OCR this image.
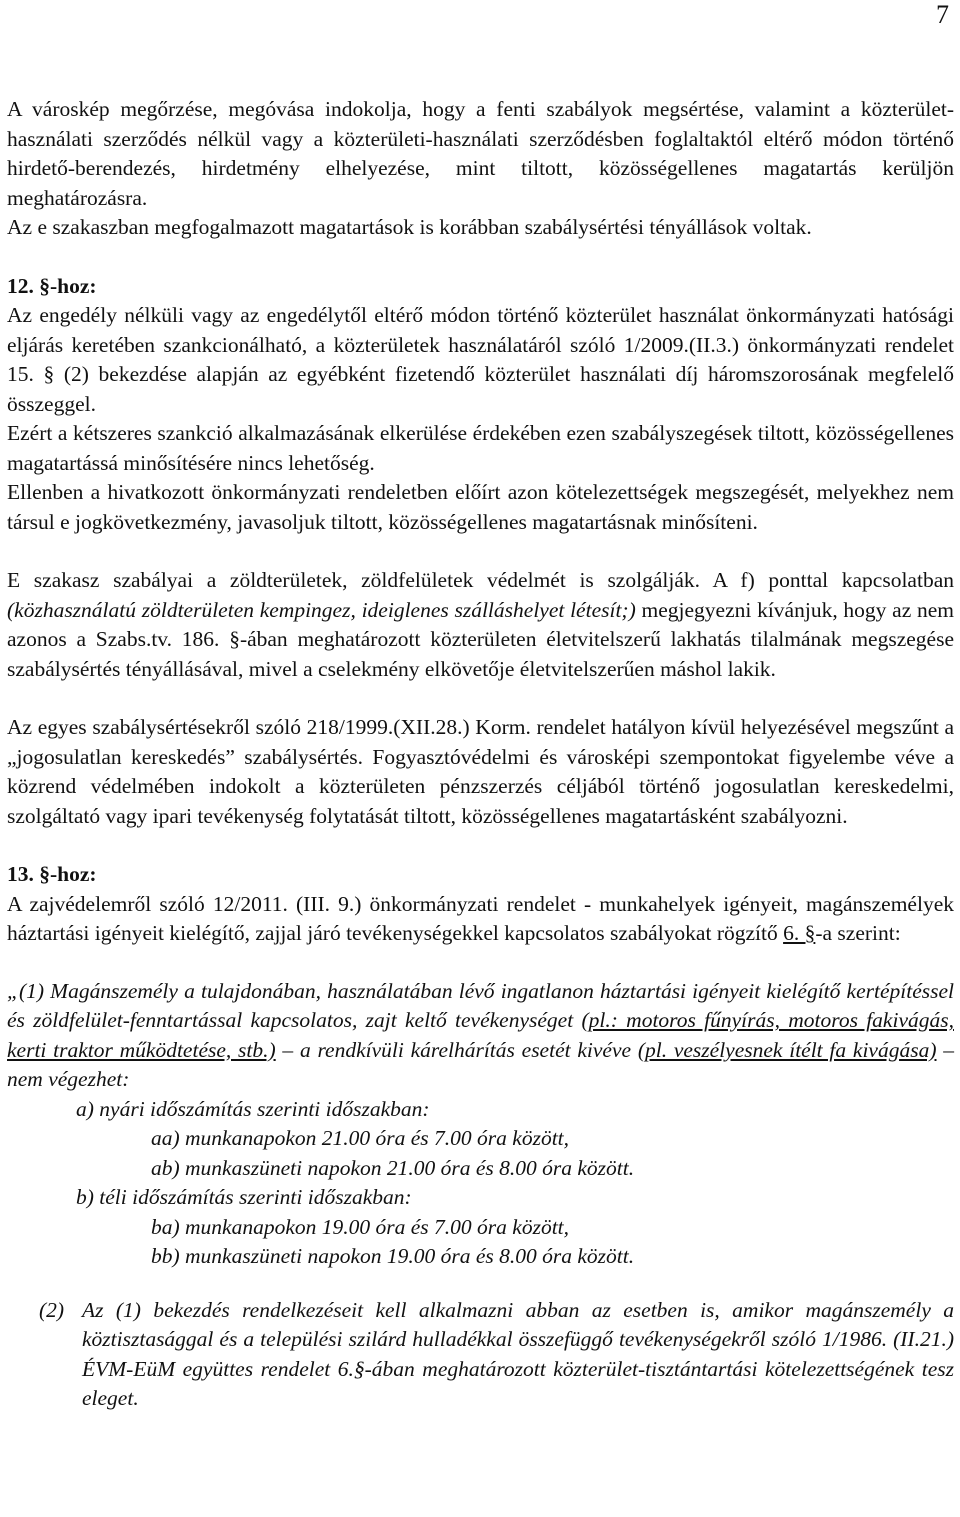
7

A városkép megőrzése, megóvása indokolja, hogy a fenti szabályok megsértése, valamint a közterület-használati szerződés nélkül vagy a közterületi-használati szerződésben foglaltaktól eltérő módon történő hirdető-berendezés, hirdetmény elhelyezése, mint tiltott, közösségellenes magatartás kerüljön meghatározásra.

Az e szakaszban megfogalmazott magatartások is korábban szabálysértési tényállások voltak.

12. §-hoz:

Az engedély nélküli vagy az engedélytől eltérő módon történő közterület használat önkormányzati hatósági eljárás keretében szankcionálható, a közterületek használatáról szóló 1/2009.(II.3.) önkormányzati rendelet 15. § (2) bekezdése alapján az egyébként fizetendő közterület használati díj háromszorosának megfelelő összeggel.

Ezért a kétszeres szankció alkalmazásának elkerülése érdekében ezen szabályszegések tiltott, közösségellenes magatartássá minősítésére nincs lehetőség.

Ellenben a hivatkozott önkormányzati rendeletben előírt azon kötelezettségek megszegését, melyekhez nem társul e jogkövetkezmény, javasoljuk tiltott, közösségellenes magatartásnak minősíteni.

E szakasz szabályai a zöldterületek, zöldfelületek védelmét is szolgálják. A f) ponttal kapcsolatban (közhasználatú zöldterületen kempingez, ideiglenes szálláshelyet létesít;) megjegyezni kívánjuk, hogy az nem azonos a Szabs.tv. 186. §-ában meghatározott közterületen életvitelszerű lakhatás tilalmának megszegése szabálysértés tényállásával, mivel a cselekmény elkövetője életvitelszerűen máshol lakik.

Az egyes szabálysértésekről szóló 218/1999.(XII.28.) Korm. rendelet hatályon kívül helyezésével megszűnt a „jogosulatlan kereskedés” szabálysértés. Fogyasztóvédelmi és városképi szempontokat figyelembe véve a közrend védelmében indokolt a közterületen pénzszerzés céljából történő jogosulatlan kereskedelmi, szolgáltató vagy ipari tevékenység folytatását tiltott, közösségellenes magatartásként szabályozni.

13. §-hoz:

A zajvédelemről szóló 12/2011. (III. 9.) önkormányzati rendelet - munkahelyek igényeit, magánszemélyek háztartási igényeit kielégítő, zajjal járó tevékenységekkel kapcsolatos szabályokat rögzítő 6. §-a szerint:

„(1) Magánszemély a tulajdonában, használatában lévő ingatlanon háztartási igényeit kielégítő kertépítéssel és zöldfelület-fenntartással kapcsolatos, zajt keltő tevékenységet (pl.: motoros fűnyírás, motoros fakivágás, kerti traktor működtetése, stb.) – a rendkívüli kárelhárítás esetét kivéve (pl. veszélyesnek ítélt fa kivágása) – nem végezhet:

a) nyári időszámítás szerinti időszakban:

aa) munkanapokon 21.00 óra és 7.00 óra között,

ab) munkaszüneti napokon 21.00 óra és 8.00 óra között.

b) téli időszámítás szerinti időszakban:

ba) munkanapokon 19.00 óra és 7.00 óra között,

bb) munkaszüneti napokon 19.00 óra és 8.00 óra között.

(2) Az (1) bekezdés rendelkezéseit kell alkalmazni abban az esetben is, amikor magánszemély a köztisztasággal és a települési szilárd hulladékkal összefüggő tevékenységekről szóló 1/1986. (II.21.) ÉVM-EüM együttes rendelet 6.§-ában meghatározott közterület-tisztántartási kötelezettségének tesz eleget.
